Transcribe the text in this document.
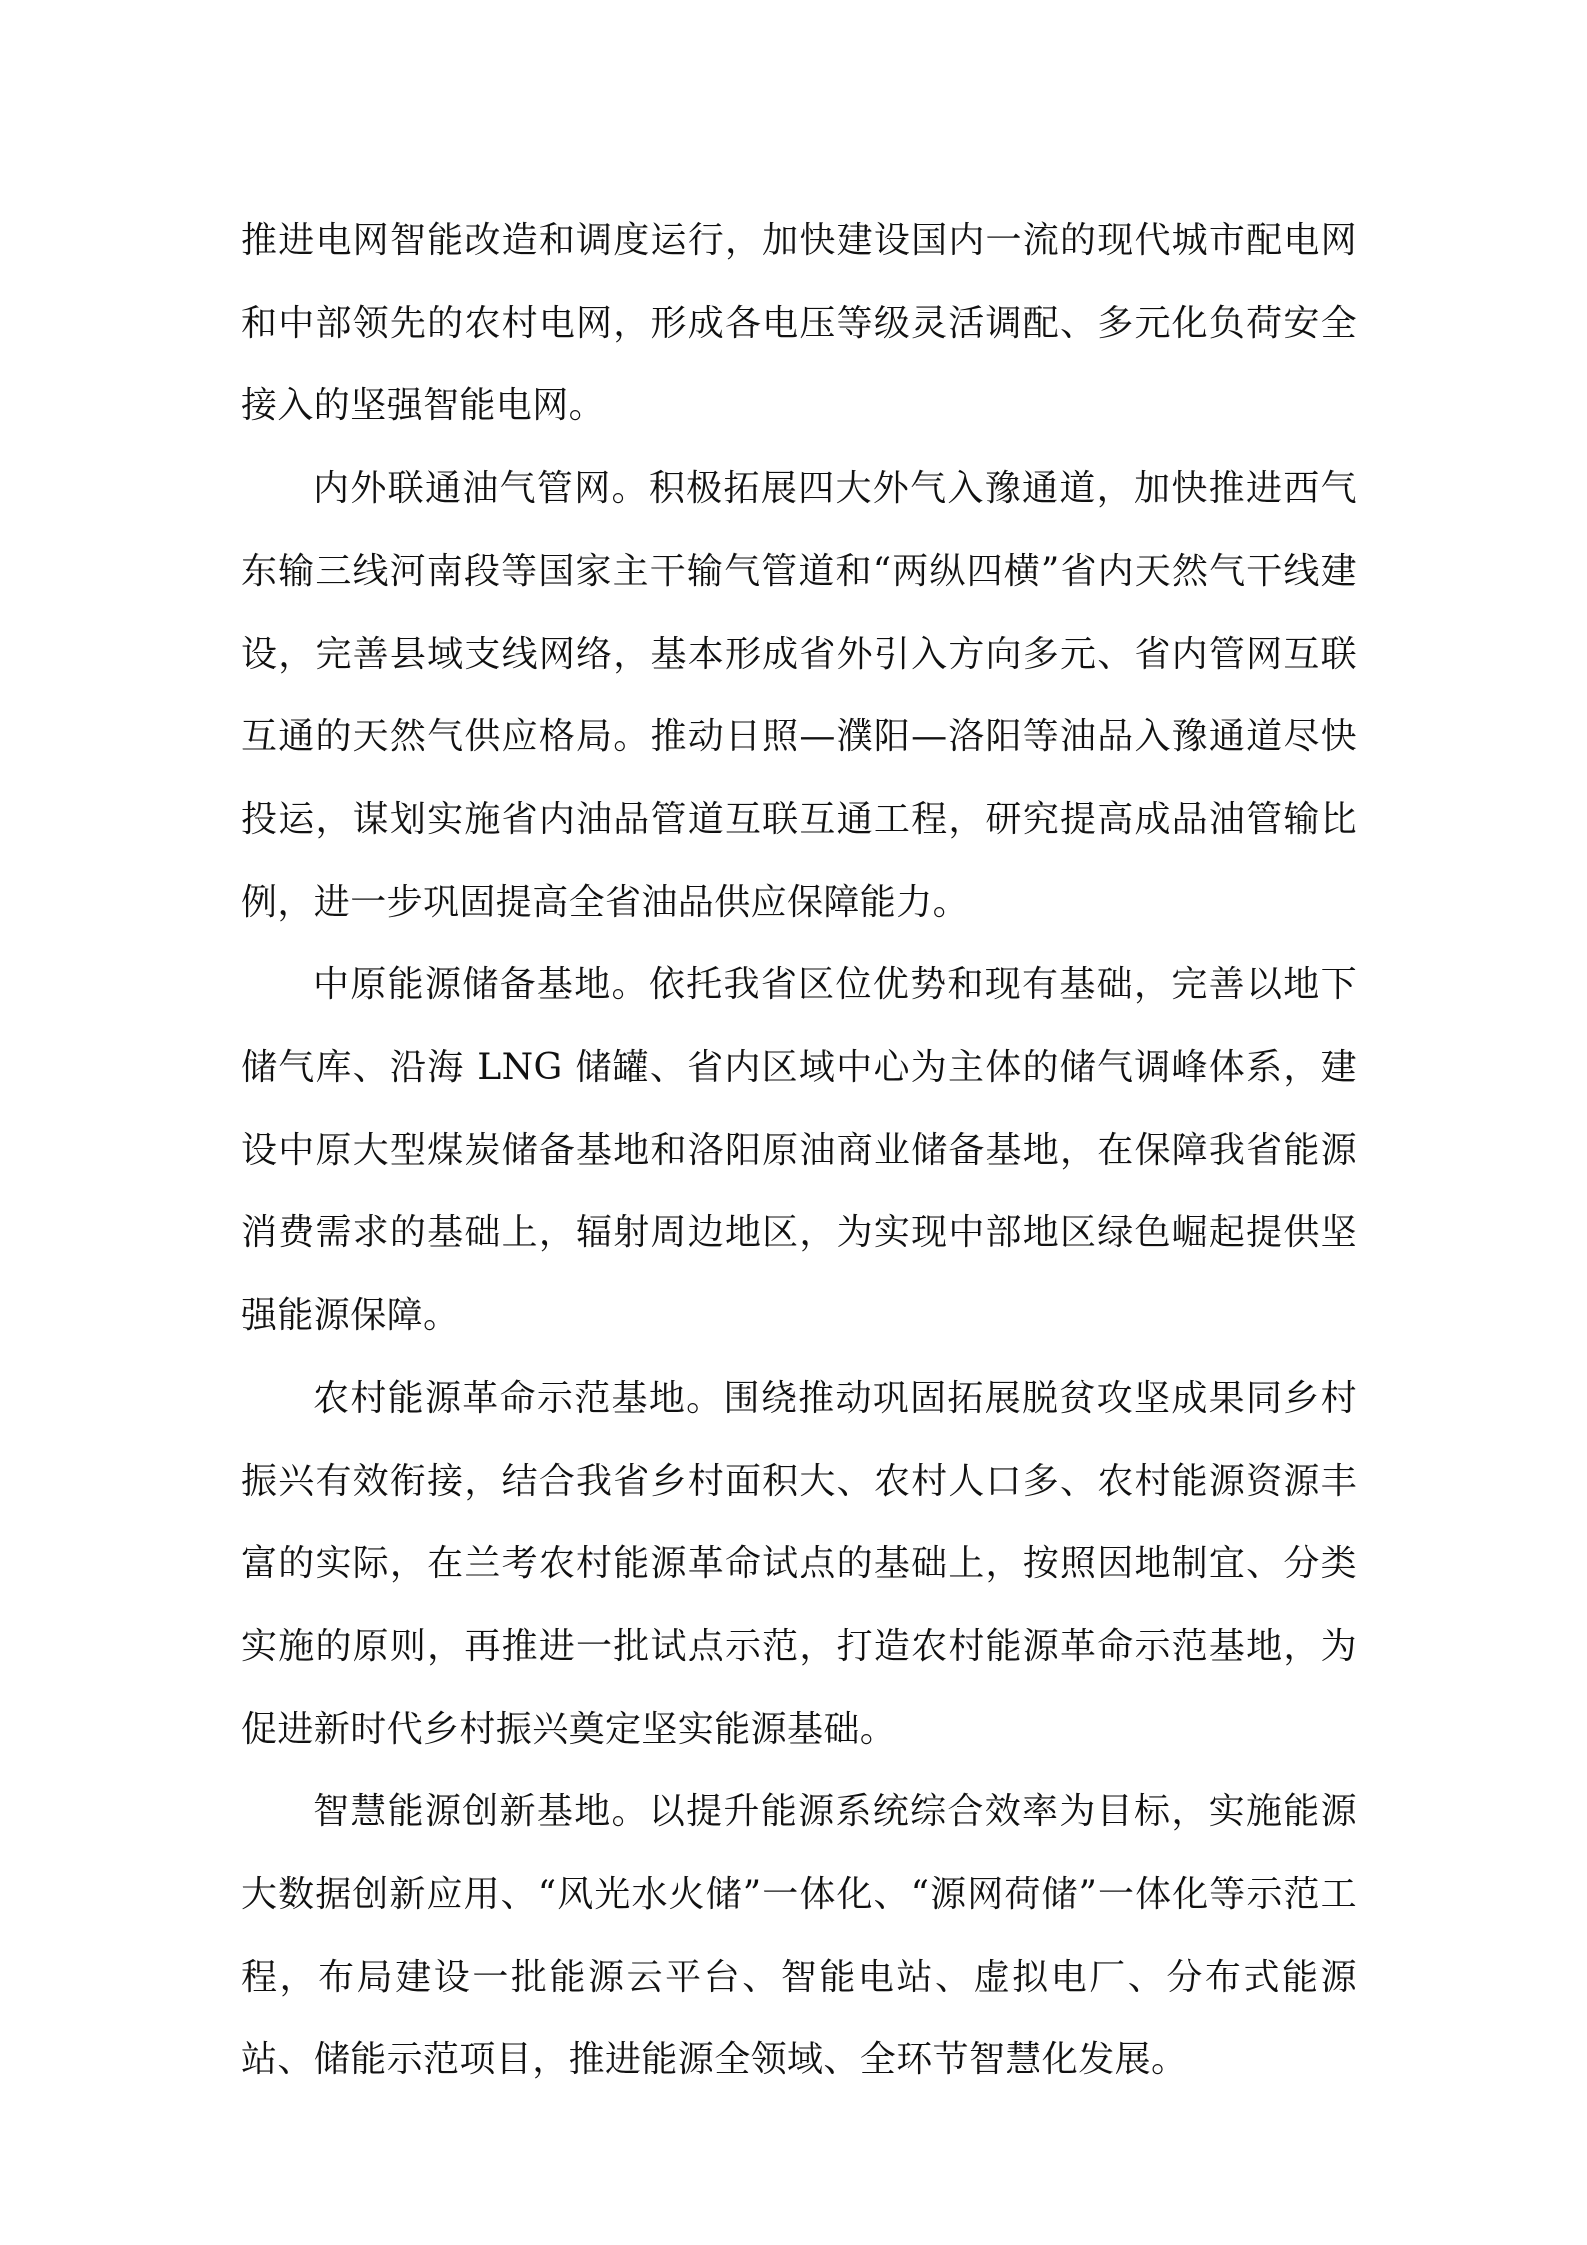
推进电网智能改造和调度运行，加快建设国内一流的现代城市配电网和中部领先的农村电网，形成各电压等级灵活调配、多元化负荷安全接入的坚强智能电网。

内外联通油气管网。积极拓展四大外气入豫通道，加快推进西气东输三线河南段等国家主干输气管道和“两纵四横”省内天然气干线建设，完善县域支线网络，基本形成省外引入方向多元、省内管网互联互通的天然气供应格局。推动日照—濮阳—洛阳等油品入豫通道尽快投运，谋划实施省内油品管道互联互通工程，研究提高成品油管输比例，进一步巩固提高全省油品供应保障能力。

中原能源储备基地。依托我省区位优势和现有基础，完善以地下储气库、沿海 LNG 储罐、省内区域中心为主体的储气调峰体系，建设中原大型煤炭储备基地和洛阳原油商业储备基地，在保障我省能源消费需求的基础上，辐射周边地区，为实现中部地区绿色崛起提供坚强能源保障。

农村能源革命示范基地。围绕推动巩固拓展脱贫攻坚成果同乡村振兴有效衔接，结合我省乡村面积大、农村人口多、农村能源资源丰富的实际，在兰考农村能源革命试点的基础上，按照因地制宜、分类实施的原则，再推进一批试点示范，打造农村能源革命示范基地，为促进新时代乡村振兴奠定坚实能源基础。

智慧能源创新基地。以提升能源系统综合效率为目标，实施能源大数据创新应用、“风光水火储”一体化、“源网荷储”一体化等示范工程，布局建设一批能源云平台、智能电站、虚拟电厂、分布式能源站、储能示范项目，推进能源全领域、全环节智慧化发展。
